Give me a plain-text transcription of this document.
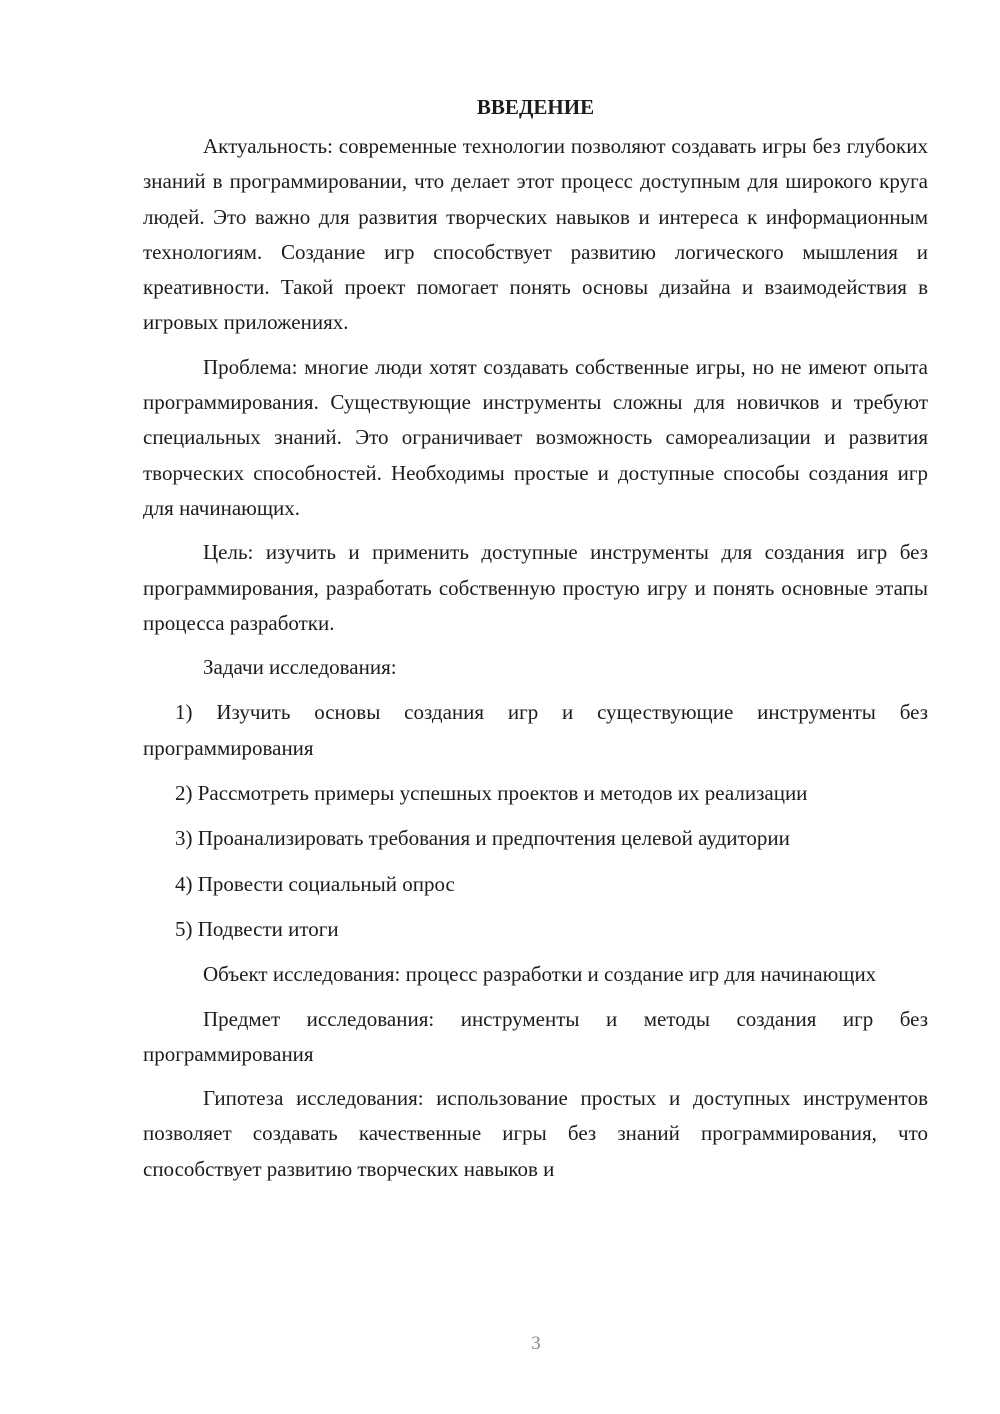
ВВЕДЕНИЕ

Актуальность: современные технологии позволяют создавать игры без глубоких знаний в программировании, что делает этот процесс доступным для широкого круга людей. Это важно для развития творческих навыков и интереса к информационным технологиям. Создание игр способствует развитию логического мышления и креативности. Такой проект помогает понять основы дизайна и взаимодействия в игровых приложениях.

Проблема: многие люди хотят создавать собственные игры, но не имеют опыта программирования. Существующие инструменты сложны для новичков и требуют специальных знаний. Это ограничивает возможность самореализации и развития творческих способностей. Необходимы простые и доступные способы создания игр для начинающих.

Цель: изучить и применить доступные инструменты для создания игр без программирования, разработать собственную простую игру и понять основные этапы процесса разработки.

Задачи исследования:

1) Изучить основы создания игр и существующие инструменты без программирования
2) Рассмотреть примеры успешных проектов и методов их реализации
3) Проанализировать требования и предпочтения целевой аудитории
4) Провести социальный опрос
5) Подвести итоги

Объект исследования: процесс разработки и создание игр для начинающих

Предмет исследования: инструменты и методы создания игр без программирования

Гипотеза исследования: использование простых и доступных инструментов позволяет создавать качественные игры без знаний программирования, что способствует развитию творческих навыков и

3
